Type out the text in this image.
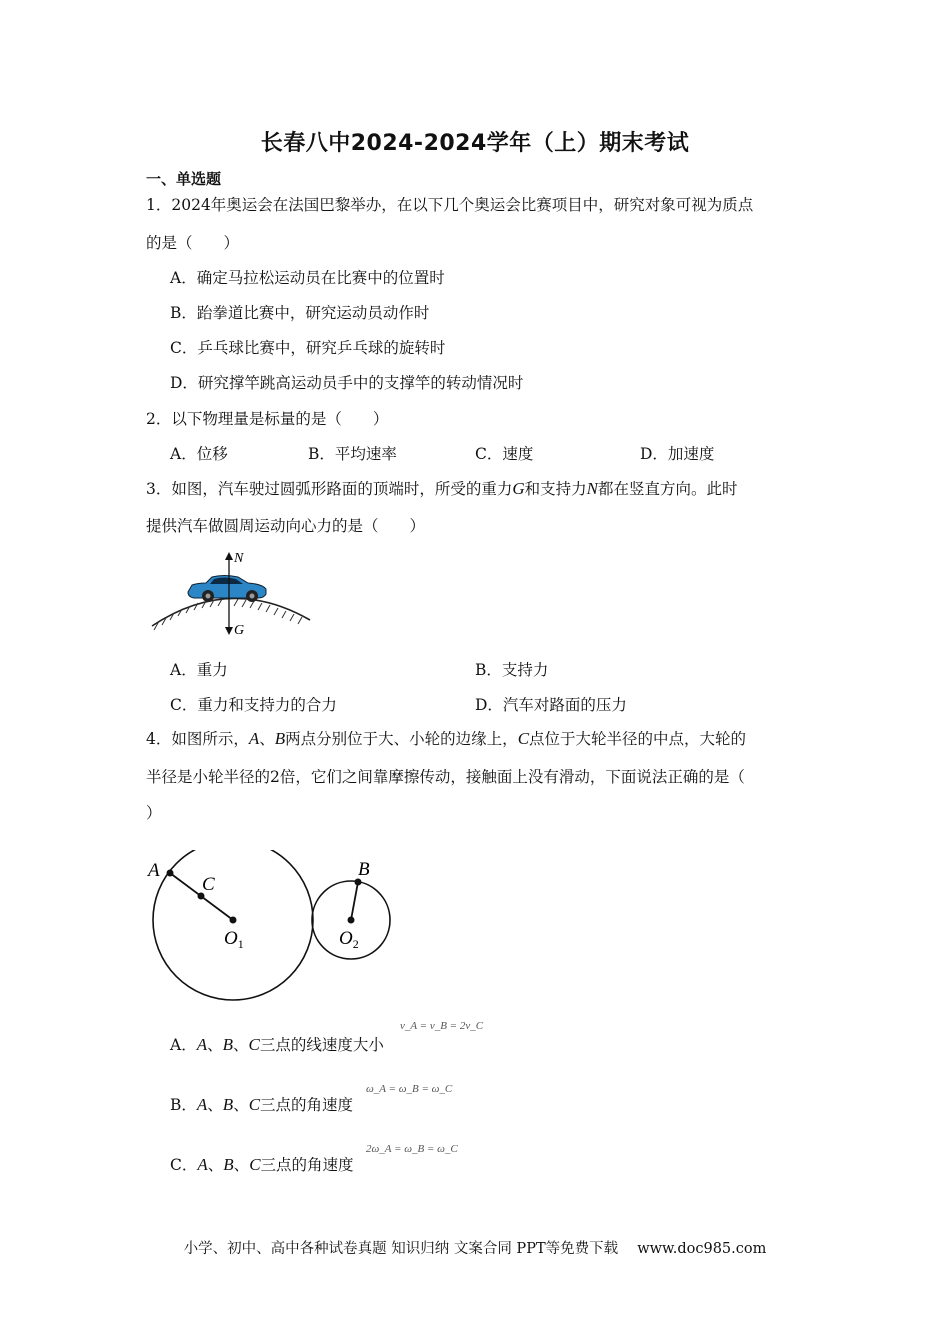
长春八中2024-2024学年（上）期末考试
一、单选题
1．2024年奥运会在法国巴黎举办，在以下几个奥运会比赛项目中，研究对象可视为质点
的是（　　）
A．确定马拉松运动员在比赛中的位置时
B．跆拳道比赛中，研究运动员动作时
C．乒乓球比赛中，研究乒乓球的旋转时
D．研究撑竿跳高运动员手中的支撑竿的转动情况时
2．以下物理量是标量的是（　　）
A．位移	B．平均速率	C．速度	D．加速度
3．如图，汽车驶过圆弧形路面的顶端时，所受的重力G和支持力N都在竖直方向。此时
提供汽车做圆周运动向心力的是（　　）
N
G
A．重力	B．支持力
C．重力和支持力的合力	D．汽车对路面的压力
4．如图所示，A、B两点分别位于大、小轮的边缘上，C点位于大轮半径的中点，大轮的
半径是小轮半径的2倍，它们之间靠摩擦传动，接触面上没有滑动，下面说法正确的是（
）
A
C
B
$O_1$	$O_2$
A．A、B、C三点的线速度大小
v_A = v_B = 2v_C
B．A、B、C三点的角速度
ω_A = ω_B = ω_C
C．A、B、C三点的角速度
2ω_A = ω_B = ω_C
小学、初中、高中各种试卷真题 知识归纳 文案合同 PPT等免费下载　 www.doc985.com
